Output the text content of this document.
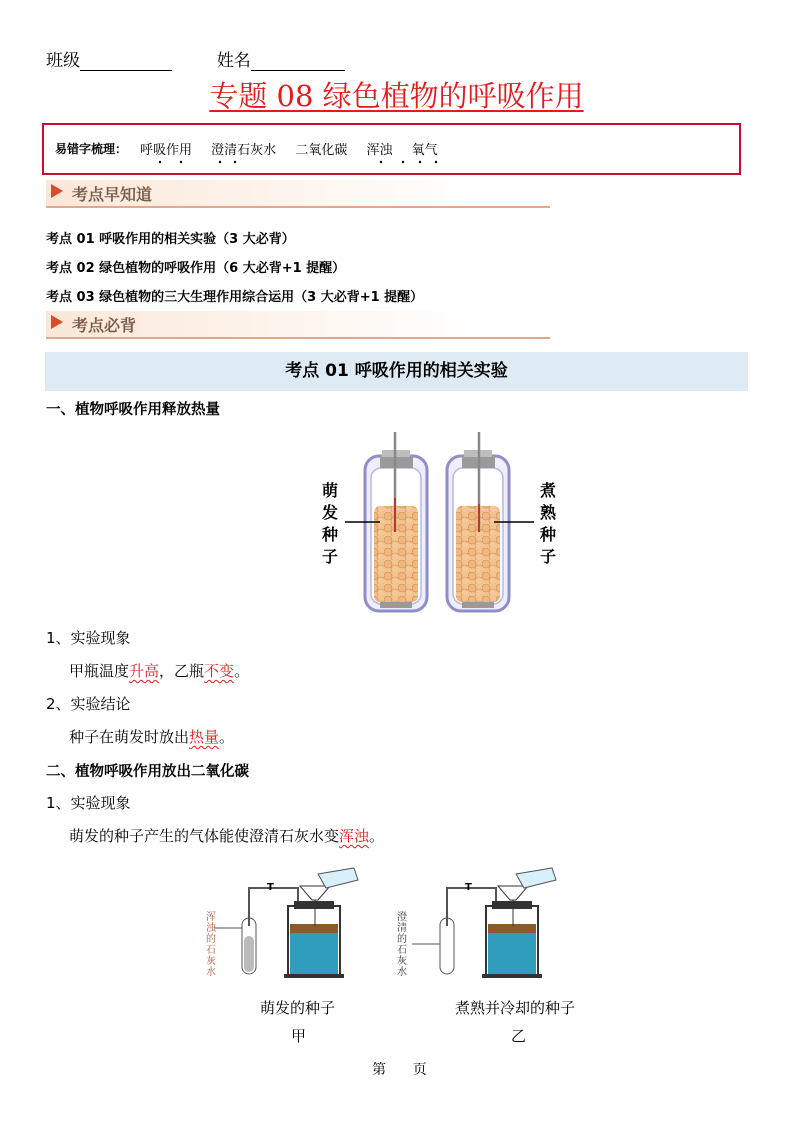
班级	姓名
专题 08 绿色植物的呼吸作用
易错字梳理： 呼吸作用 澄清石灰水 二氧化碳 浑浊 氧气
考点早知道
考点 01 呼吸作用的相关实验（3 大必背）
考点 02 绿色植物的呼吸作用（6 大必背+1 提醒）
考点 03 绿色植物的三大生理作用综合运用（3 大必背+1 提醒）
考点必背
考点 01 呼吸作用的相关实验
一、植物呼吸作用释放热量
萌
发
种
子
煮
熟
种
子
1、实验现象
甲瓶温度升高，乙瓶不变。
2、实验结论
种子在萌发时放出热量。
二、植物呼吸作用放出二氧化碳
1、实验现象
萌发的种子产生的气体能使澄清石灰水变浑浊。
T	T
浑
浊
的
石
灰
水
澄
清
的
石
灰
水
萌发的种子
甲
煮熟并冷却的种子
乙
第      页
